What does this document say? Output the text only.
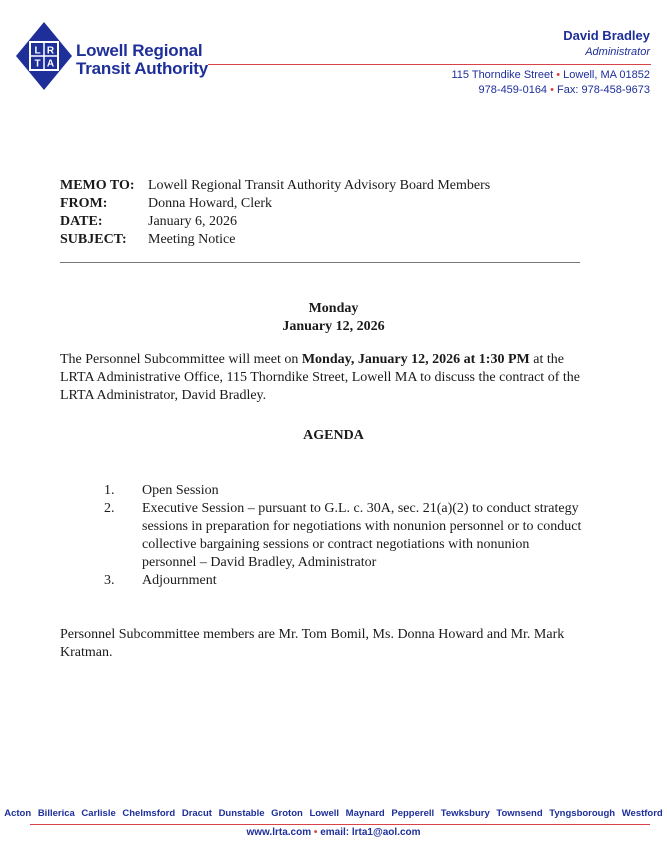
L R
T A
Lowell Regional
Transit Authority
David Bradley
Administrator
115 Thorndike Street • Lowell, MA 01852
978-459-0164 • Fax: 978-458-9673
MEMO TO: Lowell Regional Transit Authority Advisory Board Members
FROM:	Donna Howard, Clerk
DATE:	January 6, 2026
SUBJECT:	Meeting Notice
Monday
January 12, 2026
The Personnel Subcommittee will meet on Monday, January 12, 2026 at 1:30 PM at the LRTA Administrative Office, 115 Thorndike Street, Lowell MA to discuss the contract of the LRTA Administrator, David Bradley.
AGENDA
1.	Open Session
2.	Executive Session – pursuant to G.L. c. 30A, sec. 21(a)(2) to conduct strategy sessions in preparation for negotiations with nonunion personnel or to conduct collective bargaining sessions or contract negotiations with nonunion personnel – David Bradley, Administrator
3.	Adjournment
Personnel Subcommittee members are Mr. Tom Bomil, Ms. Donna Howard and Mr. Mark Kratman.
Acton Billerica Carlisle Chelmsford Dracut Dunstable Groton Lowell Maynard Pepperell Tewksbury Townsend Tyngsborough Westford
www.lrta.com • email: lrta1@aol.com
